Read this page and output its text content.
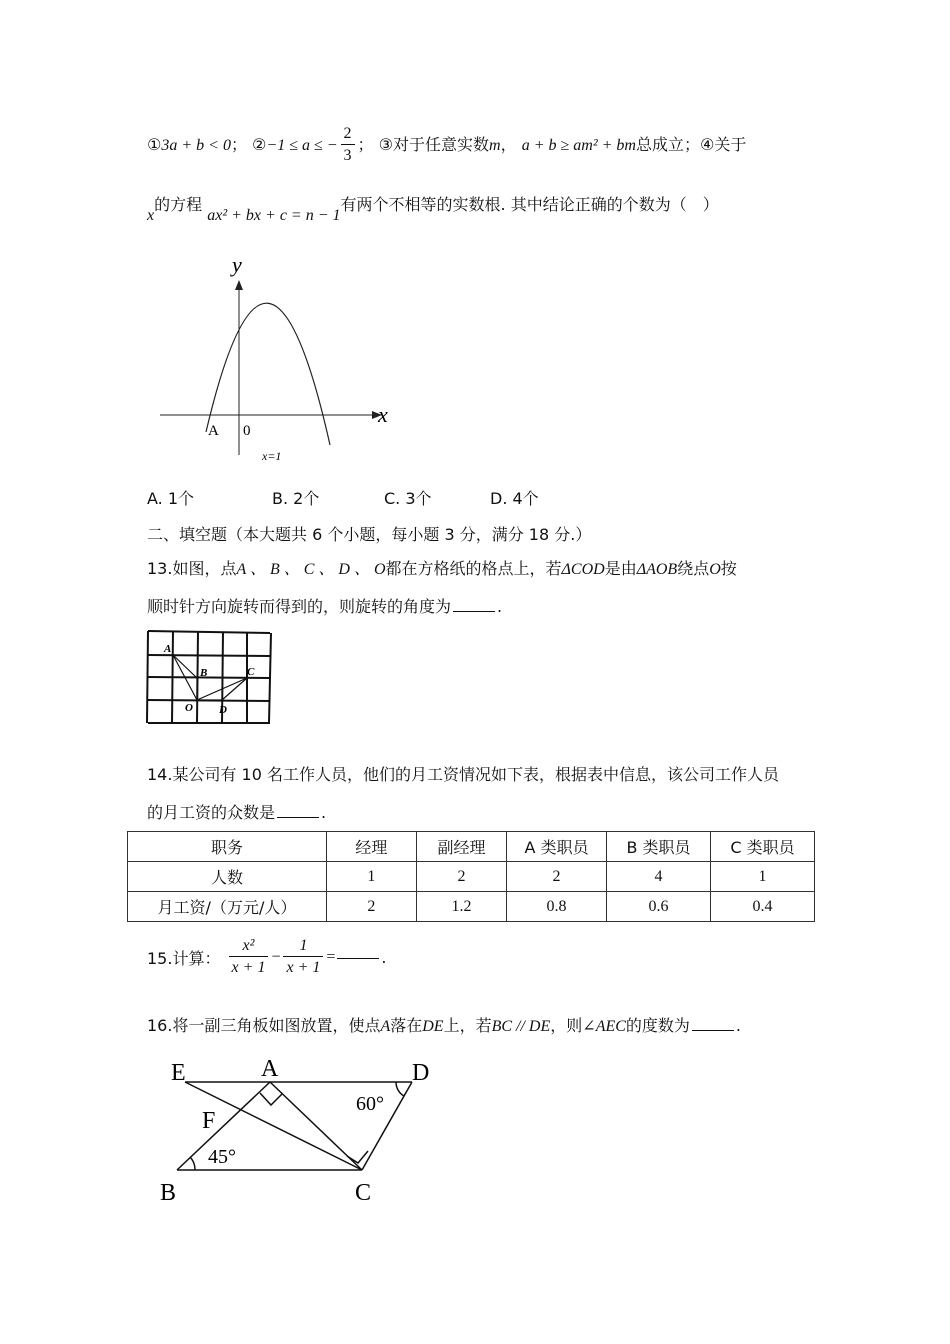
①3a + b < 0； ②−1 ≤ a ≤ − $\frac{2}{3}$ ； ③对于任意实数m， a + b ≥ am² + bm总成立；④关于
x的方程 ax² + bx + c = n − 1有两个不相等的实数根. 其中结论正确的个数为（　）
y
x
A 0
x=1
A. 1个	B. 2个	C. 3个	D. 4个
二、填空题（本大题共 6 个小题，每小题 3 分，满分 18 分.）
13.如图，点A 、 B 、 C 、 D 、 O都在方格纸的格点上，若ΔCOD是由ΔAOB绕点O按
顺时针方向旋转而得到的，则旋转的角度为	.
A
B	C
O D
14.某公司有 10 名工作人员，他们的月工资情况如下表，根据表中信息，该公司工作人员
的月工资的众数是	.
职务	经理	副经理	A 类职员	B 类职员	C 类职员
人数	1	2	2	4	1
月工资/（万元/人）	2	1.2	0.8	0.6	0.4
15.计算： $\frac{\text{x²}}{x + 1} - \frac{1}{x + 1}$ =	.
16.将一副三角板如图放置，使点A落在DE上，若BC // DE，则∠AEC的度数为	.
E	A	D
F
B	C
60°
45°
